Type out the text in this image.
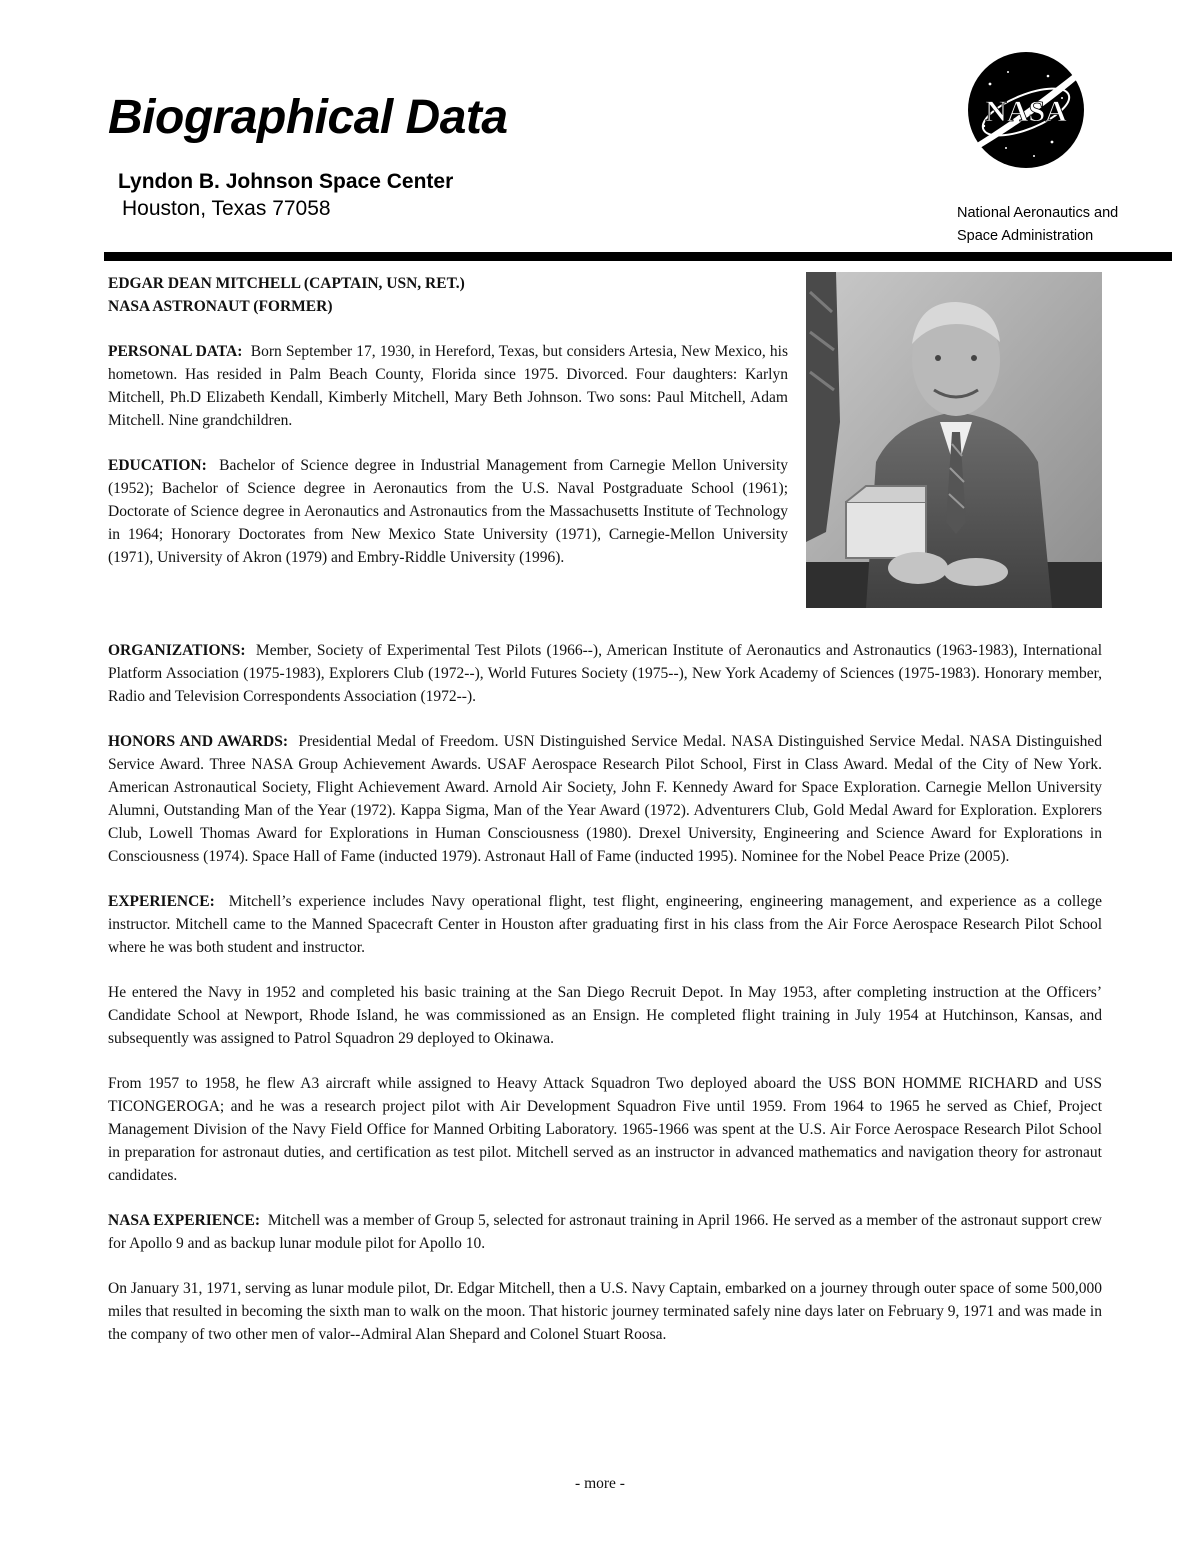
Biographical Data
Lyndon B. Johnson Space Center
Houston, Texas 77058
NASA
National Aeronautics and
Space Administration
EDGAR DEAN MITCHELL (CAPTAIN, USN, RET.)
NASA ASTRONAUT (FORMER)

PERSONAL DATA: Born September 17, 1930, in Hereford, Texas, but considers Artesia, New Mexico, his hometown. Has resided in Palm Beach County, Florida since 1975. Divorced. Four daughters: Karlyn Mitchell, Ph.D Elizabeth Kendall, Kimberly Mitchell, Mary Beth Johnson. Two sons: Paul Mitchell, Adam Mitchell. Nine grandchildren.

EDUCATION: Bachelor of Science degree in Industrial Management from Carnegie Mellon University (1952); Bachelor of Science degree in Aeronautics from the U.S. Naval Postgraduate School (1961); Doctorate of Science degree in Aeronautics and Astronautics from the Massachusetts Institute of Technology in 1964; Honorary Doctorates from New Mexico State University (1971), Carnegie-Mellon University (1971), University of Akron (1979) and Embry-Riddle University (1996).

ORGANIZATIONS: Member, Society of Experimental Test Pilots (1966--), American Institute of Aeronautics and Astronautics (1963-1983), International Platform Association (1975-1983), Explorers Club (1972--), World Futures Society (1975--), New York Academy of Sciences (1975-1983). Honorary member, Radio and Television Correspondents Association (1972--).

HONORS AND AWARDS: Presidential Medal of Freedom. USN Distinguished Service Medal. NASA Distinguished Service Medal. NASA Distinguished Service Award. Three NASA Group Achievement Awards. USAF Aerospace Research Pilot School, First in Class Award. Medal of the City of New York. American Astronautical Society, Flight Achievement Award. Arnold Air Society, John F. Kennedy Award for Space Exploration. Carnegie Mellon University Alumni, Outstanding Man of the Year (1972). Kappa Sigma, Man of the Year Award (1972). Adventurers Club, Gold Medal Award for Exploration. Explorers Club, Lowell Thomas Award for Explorations in Human Consciousness (1980). Drexel University, Engineering and Science Award for Explorations in Consciousness (1974). Space Hall of Fame (inducted 1979). Astronaut Hall of Fame (inducted 1995). Nominee for the Nobel Peace Prize (2005).

EXPERIENCE: Mitchell’s experience includes Navy operational flight, test flight, engineering, engineering management, and experience as a college instructor. Mitchell came to the Manned Spacecraft Center in Houston after graduating first in his class from the Air Force Aerospace Research Pilot School where he was both student and instructor.

He entered the Navy in 1952 and completed his basic training at the San Diego Recruit Depot. In May 1953, after completing instruction at the Officers’ Candidate School at Newport, Rhode Island, he was commissioned as an Ensign. He completed flight training in July 1954 at Hutchinson, Kansas, and subsequently was assigned to Patrol Squadron 29 deployed to Okinawa.

From 1957 to 1958, he flew A3 aircraft while assigned to Heavy Attack Squadron Two deployed aboard the USS BON HOMME RICHARD and USS TICONGEROGA; and he was a research project pilot with Air Development Squadron Five until 1959. From 1964 to 1965 he served as Chief, Project Management Division of the Navy Field Office for Manned Orbiting Laboratory. 1965-1966 was spent at the U.S. Air Force Aerospace Research Pilot School in preparation for astronaut duties, and certification as test pilot. Mitchell served as an instructor in advanced mathematics and navigation theory for astronaut candidates.

NASA EXPERIENCE: Mitchell was a member of Group 5, selected for astronaut training in April 1966. He served as a member of the astronaut support crew for Apollo 9 and as backup lunar module pilot for Apollo 10.

On January 31, 1971, serving as lunar module pilot, Dr. Edgar Mitchell, then a U.S. Navy Captain, embarked on a journey through outer space of some 500,000 miles that resulted in becoming the sixth man to walk on the moon. That historic journey terminated safely nine days later on February 9, 1971 and was made in the company of two other men of valor--Admiral Alan Shepard and Colonel Stuart Roosa.

- more -
